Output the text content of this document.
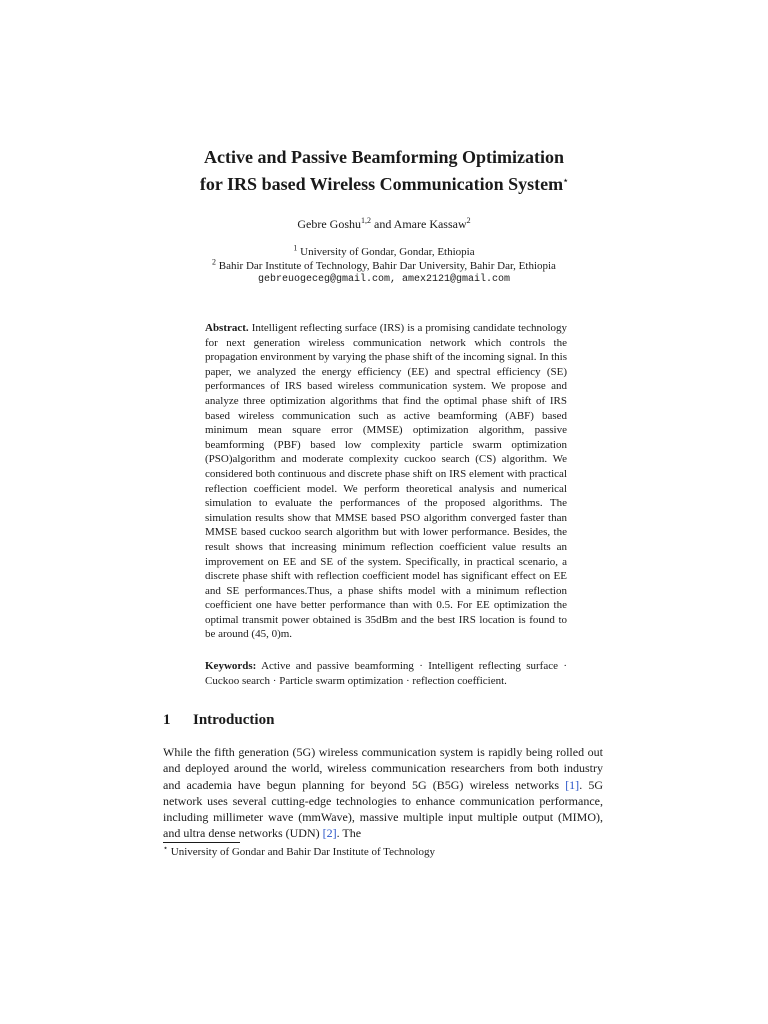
Active and Passive Beamforming Optimization
for IRS based Wireless Communication System⋆
Gebre Goshu$^{1,2}$ and Amare Kassaw$^2$
$^1$ University of Gondar, Gondar, Ethiopia
$^2$ Bahir Dar Institute of Technology, Bahir Dar University, Bahir Dar, Ethiopia
gebreuogeceg@gmail.com, amex2121@gmail.com
Abstract. Intelligent reflecting surface (IRS) is a promising candidate technology for next generation wireless communication network which controls the propagation environment by varying the phase shift of the incoming signal. In this paper, we analyzed the energy efficiency (EE) and spectral efficiency (SE) performances of IRS based wireless communication system. We propose and analyze three optimization algorithms that find the optimal phase shift of IRS based wireless communication such as active beamforming (ABF) based minimum mean square error (MMSE) optimization algorithm, passive beamforming (PBF) based low complexity particle swarm optimization (PSO)algorithm and moderate complexity cuckoo search (CS) algorithm. We considered both continuous and discrete phase shift on IRS element with practical reflection coefficient model. We perform theoretical analysis and numerical simulation to evaluate the performances of the proposed algorithms. The simulation results show that MMSE based PSO algorithm converged faster than MMSE based cuckoo search algorithm but with lower performance. Besides, the result shows that increasing minimum reflection coefficient value results an improvement on EE and SE of the system. Specifically, in practical scenario, a discrete phase shift with reflection coefficient model has significant effect on EE and SE performances.Thus, a phase shifts model with a minimum reflection coefficient one have better performance than with 0.5. For EE optimization the optimal transmit power obtained is 35dBm and the best IRS location is found to be around (45, 0)m.
Keywords: Active and passive beamforming · Intelligent reflecting surface · Cuckoo search · Particle swarm optimization · reflection coefficient.
1 Introduction
While the fifth generation (5G) wireless communication system is rapidly being rolled out and deployed around the world, wireless communication researchers from both industry and academia have begun planning for beyond 5G (B5G) wireless networks [1]. 5G network uses several cutting-edge technologies to enhance communication performance, including millimeter wave (mmWave), massive multiple input multiple output (MIMO), and ultra dense networks (UDN) [2]. The
⋆ University of Gondar and Bahir Dar Institute of Technology
